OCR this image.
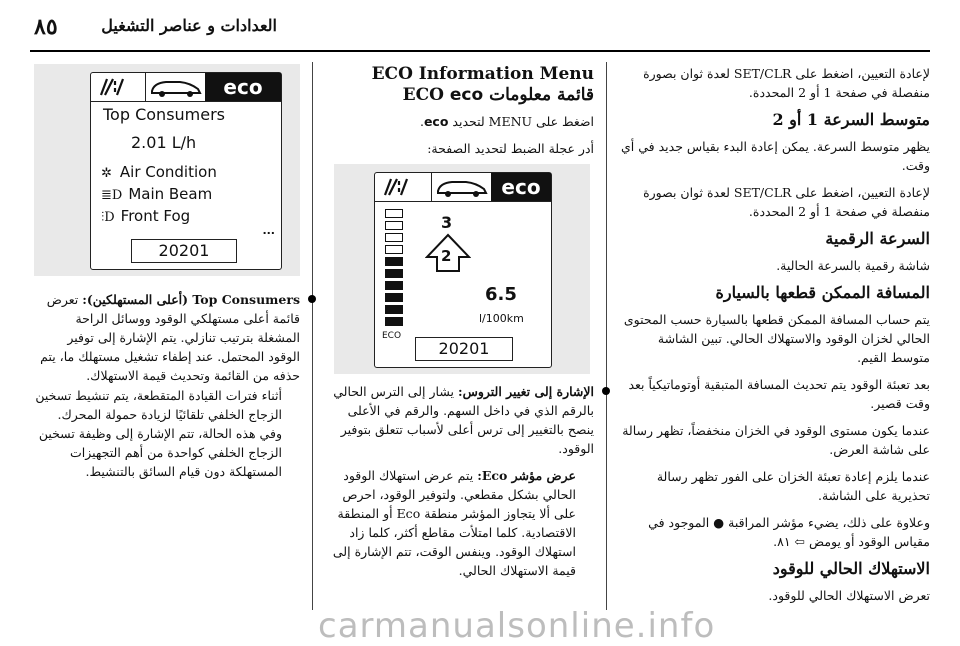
٨٥	العدادات و عناصر التشغيل

لإعادة التعيين، اضغط على SET/CLR لعدة ثوان بصورة منفصلة في صفحة 1 أو 2 المحددة.

متوسط السرعة 1 أو 2

يظهر متوسط السرعة. يمكن إعادة البدء بقياس جديد في أي وقت.

لإعادة التعيين، اضغط على SET/CLR لعدة ثوان بصورة منفصلة في صفحة 1 أو 2 المحددة.

السرعة الرقمية

شاشة رقمية بالسرعة الحالية.

المسافة الممكن قطعها بالسيارة

يتم حساب المسافة الممكن قطعها بالسيارة حسب المحتوى الحالي لخزان الوقود والاستهلاك الحالي. تبين الشاشة متوسط القيم.

بعد تعبئة الوقود يتم تحديث المسافة المتبقية أوتوماتيكياً بعد وقت قصير.

عندما يكون مستوى الوقود في الخزان منخفضاً، تظهر رسالة على شاشة العرض.

عندما يلزم إعادة تعبئة الخزان على الفور تظهر رسالة تحذيرية على الشاشة.

وعلاوة على ذلك، يضيء مؤشر المراقبة ● الموجود في مقياس الوقود أو يومض ⇦ ٨١.

الاستهلاك الحالي للوقود

تعرض الاستهلاك الحالي للوقود.

ECO Information Menu
قائمة معلومات ECO eco

اضغط على MENU لتحديد eco.

أدر عجلة الضبط لتحديد الصفحة:

eco
ECO
3
2
6.5
l/100km
20201
الإشارة إلى تغيير التروس: يشار إلى الترس الحالي بالرقم الذي في داخل السهم. والرقم في الأعلى ينصح بالتغيير إلى ترس أعلى لأسباب تتعلق بتوفير الوقود.

عرض مؤشر Eco: يتم عرض استهلاك الوقود الحالي بشكل مقطعي. ولتوفير الوقود، احرص على ألا يتجاوز المؤشر منطقة Eco أو المنطقة الاقتصادية. كلما امتلأت مقاطع أكثر، كلما زاد استهلاك الوقود. وينفس الوقت، تتم الإشارة إلى قيمة الاستهلاك الحالي.

eco
Top Consumers
2.01 L/h
✲ Air Condition
≣D Main Beam
⫶D Front Fog
...
20201
Top Consumers (أعلى المستهلكين): تعرض قائمة أعلى مستهلكي الوقود ووسائل الراحة المشغلة بترتيب تنازلي. يتم الإشارة إلى توفير الوقود المحتمل. عند إطفاء تشغيل مستهلك ما، يتم حذفه من القائمة وتحديث قيمة الاستهلاك.

أثناء فترات القيادة المتقطعة، يتم تنشيط تسخين الزجاج الخلفي تلقائيًا لزيادة حمولة المحرك. وفي هذه الحالة، تتم الإشارة إلى وظيفة تسخين الزجاج الخلفي كواحدة من أهم التجهيزات المستهلكة دون قيام السائق بالتنشيط.

carmanualsonline.info
